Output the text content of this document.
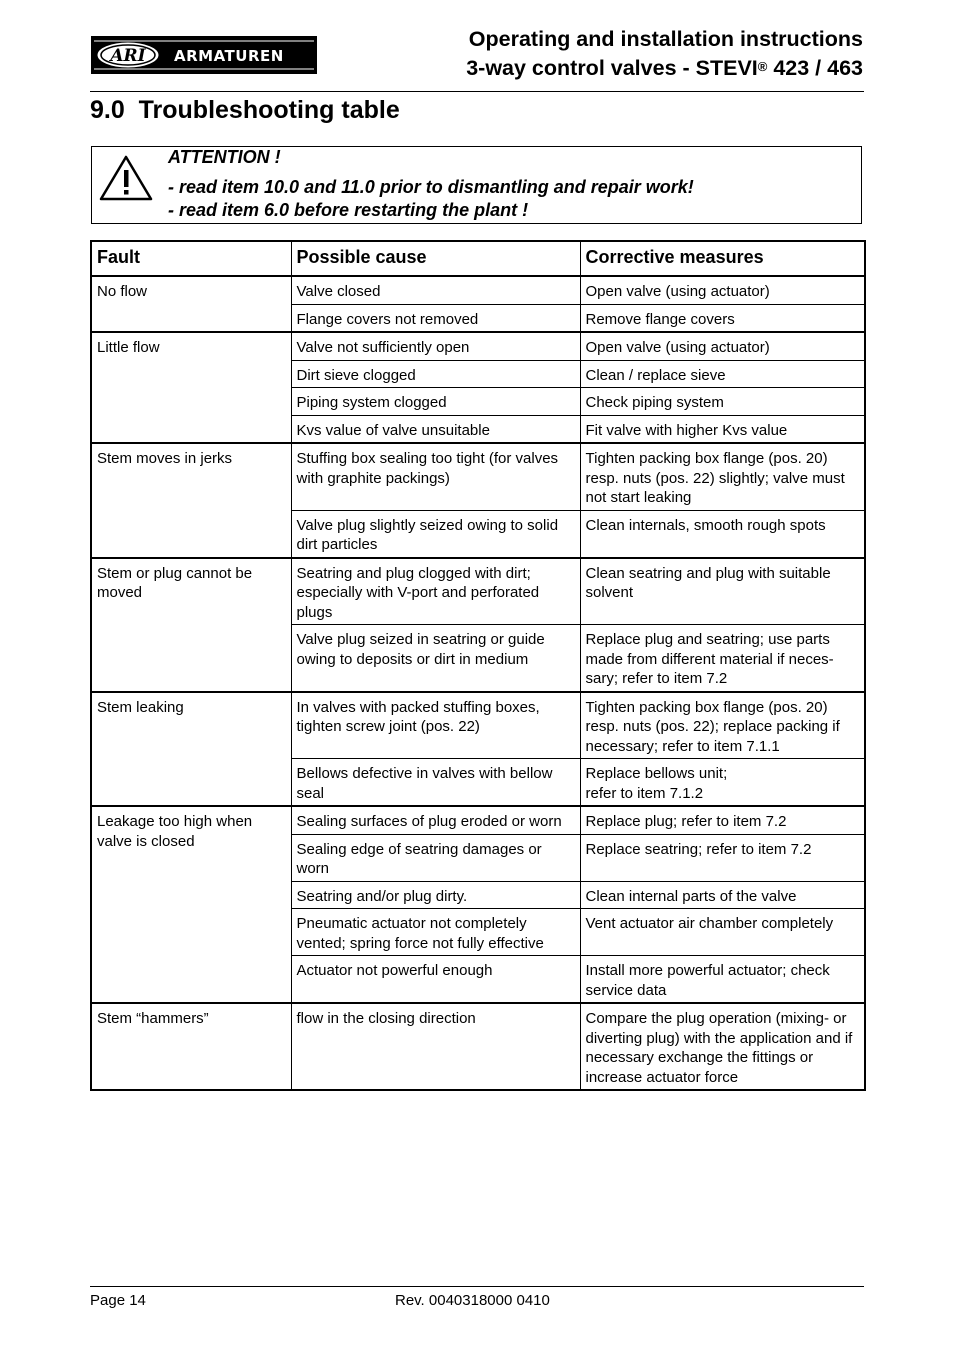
ARI ARMATUREN
Operating and installation instructions
3-way control valves - STEVI® 423 / 463
9.0  Troubleshooting table
ATTENTION !
- read item 10.0 and 11.0 prior to dismantling and repair work!
- read item 6.0 before restarting the plant !
Fault	Possible cause	Corrective measures
No flow	Valve closed	Open valve (using actuator)
	Flange covers not removed	Remove flange covers
Little flow	Valve not sufficiently open	Open valve (using actuator)
	Dirt sieve clogged	Clean / replace sieve
	Piping system clogged	Check piping system
	Kvs value of valve unsuitable	Fit valve with higher Kvs value
Stem moves in jerks	Stuffing box sealing too tight (for valves with graphite packings)	Tighten packing box flange (pos. 20) resp. nuts (pos. 22) slightly; valve must not start leaking
	Valve plug slightly seized owing to solid dirt particles	Clean internals, smooth rough spots
Stem or plug cannot be moved	Seatring and plug clogged with dirt; especially with V-port and perforated plugs	Clean seatring and plug with suitable solvent
	Valve plug seized in seatring or guide owing to deposits or dirt in medium	Replace plug and seatring; use parts made from different material if neces-sary; refer to item 7.2
Stem leaking	In valves with packed stuffing boxes, tighten screw joint (pos. 22)	Tighten packing box flange (pos. 20) resp. nuts (pos. 22); replace packing if necessary; refer to item 7.1.1
	Bellows defective in valves with bellow seal	Replace bellows unit;
refer to item 7.1.2
Leakage too high when valve is closed	Sealing surfaces of plug eroded or worn	Replace plug; refer to item 7.2
	Sealing edge of seatring damages or worn	Replace seatring; refer to item 7.2
	Seatring and/or plug dirty.	Clean internal parts of the valve
	Pneumatic actuator not completely vented; spring force not fully effective	Vent actuator air chamber completely
	Actuator not powerful enough	Install more powerful actuator; check service data
Stem “hammers”	flow in the closing direction	Compare the plug operation (mixing- or diverting plug) with the application and if necessary exchange the fittings or increase actuator force
Page 14	Rev. 0040318000 0410
